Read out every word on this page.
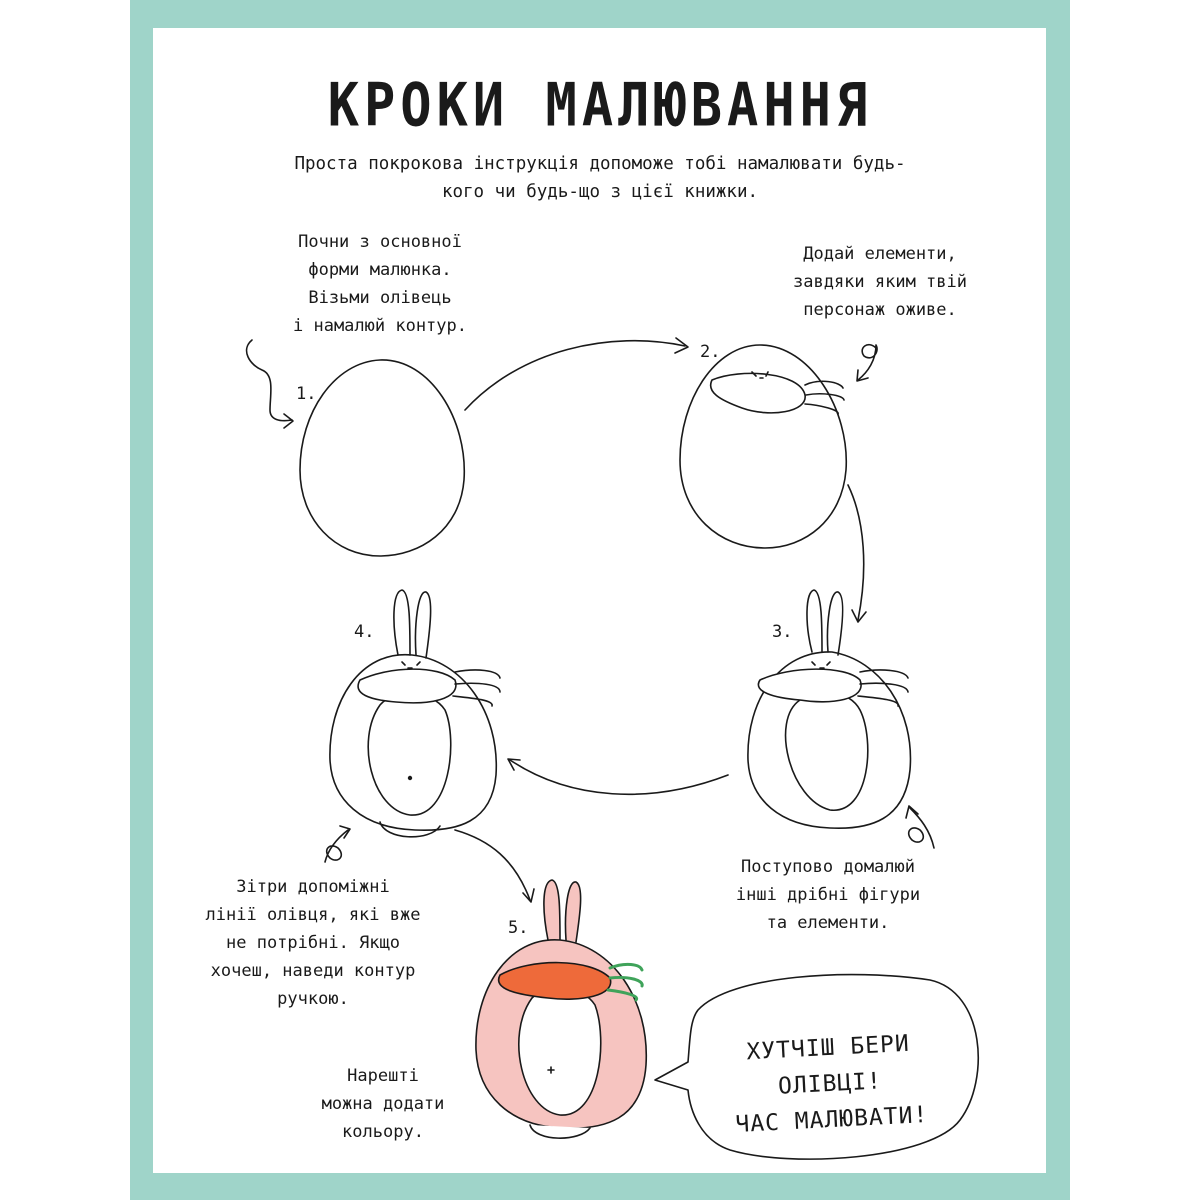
КРОКИ МАЛЮВАННЯ
Проста покрокова інструкція допоможе тобі намалювати будь-кого чи будь-що з цієї книжки.
Почни з основної
форми малюнка.
Візьми олівець
і намалюй контур.
1.
Додай елементи,
завдяки яким твій
персонаж оживе.
2.
3.
Поступово домалюй
інші дрібні фігури
та елементи.
4.
Зітри допоміжні
лінії олівця, які вже
не потрібні. Якщо
хочеш, наведи контур
ручкою.
5.
Нарешті
можна додати
кольору.
ХУТЧІШ БЕРИ ОЛІВЦІ!
ЧАС МАЛЮВАТИ!
